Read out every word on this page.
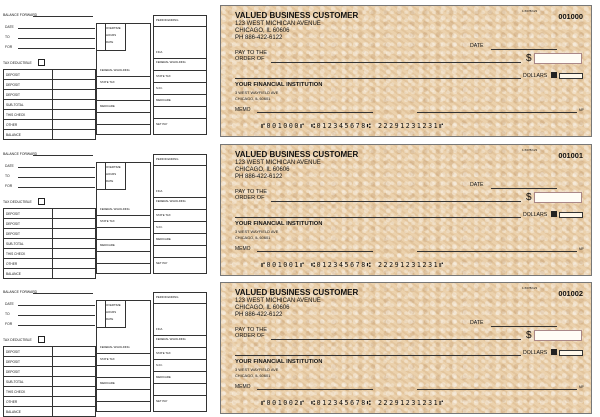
BALANCE FORWARD
DATE
TO
FOR
TAX DEDUCTIBLE
DEPOSIT	
DEPOSIT	
DEPOSIT	
SUB-TOTAL	
THIS CHECK	
OTHER	
BALANCE	
OVERTIME
HOURS
RATE
FEDERAL W/HOLDING
STATE TAX
MEDICARE
PERIOD ENDING
FICA
FEDERAL W/HOLDING
STATE TAX
S.D.I.
MEDICARE
NET PAY
VALUED BUSINESS CUSTOMER
123 WEST MICHICAN AVENUE
CHICAGO, IL 60606
PH 886-422-6122
1-5678/123
001000
DATE
PAY TO THE
ORDER OF	$
DOLLARS
YOUR FINANCIAL INSTITUTION
3 WEST WAYFIELD AVE
CHICAGO, IL 60601
MEMO	MP
⑈001000⑈ ⑆012345678⑆ 22291231231⑈
BALANCE FORWARD
DATE
TO
FOR
TAX DEDUCTIBLE
DEPOSIT	
DEPOSIT	
DEPOSIT	
SUB-TOTAL	
THIS CHECK	
OTHER	
BALANCE	
OVERTIME
HOURS
RATE
FEDERAL W/HOLDING
STATE TAX
MEDICARE
PERIOD ENDING
FICA
FEDERAL W/HOLDING
STATE TAX
S.D.I.
MEDICARE
NET PAY
VALUED BUSINESS CUSTOMER
123 WEST MICHICAN AVENUE
CHICAGO, IL 60606
PH 886-422-6122
1-5678/123
001001
DATE
PAY TO THE
ORDER OF	$
DOLLARS
YOUR FINANCIAL INSTITUTION
3 WEST WAYFIELD AVE
CHICAGO, IL 60601
MEMO	MP
⑈001001⑈ ⑆012345678⑆ 22291231231⑈
BALANCE FORWARD
DATE
TO
FOR
TAX DEDUCTIBLE
DEPOSIT	
DEPOSIT	
DEPOSIT	
SUB-TOTAL	
THIS CHECK	
OTHER	
BALANCE	
OVERTIME
HOURS
RATE
FEDERAL W/HOLDING
STATE TAX
MEDICARE
PERIOD ENDING
FICA
FEDERAL W/HOLDING
STATE TAX
S.D.I.
MEDICARE
NET PAY
VALUED BUSINESS CUSTOMER
123 WEST MICHICAN AVENUE
CHICAGO, IL 60606
PH 886-422-6122
1-5678/123
001002
DATE
PAY TO THE
ORDER OF	$
DOLLARS
YOUR FINANCIAL INSTITUTION
3 WEST WAYFIELD AVE
CHICAGO, IL 60601
MEMO	MP
⑈001002⑈ ⑆012345678⑆ 22291231231⑈
